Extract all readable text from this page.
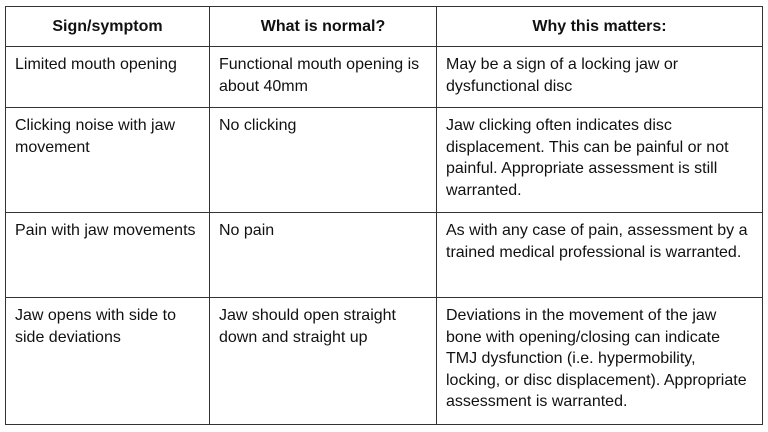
Sign/symptom	What is normal?	Why this matters:
Limited mouth opening	Functional mouth opening is about 40mm	May be a sign of a locking jaw or dysfunctional disc
Clicking noise with jaw movement	No clicking	Jaw clicking often indicates disc displacement. This can be painful or not painful. Appropriate assessment is still warranted.
Pain with jaw movements	No pain	As with any case of pain, assessment by a trained medical professional is warranted.
Jaw opens with side to side deviations	Jaw should open straight down and straight up	Deviations in the movement of the jaw bone with opening/closing can indicate TMJ dysfunction (i.e. hypermobility, locking, or disc displacement). Appropriate assessment is warranted.
